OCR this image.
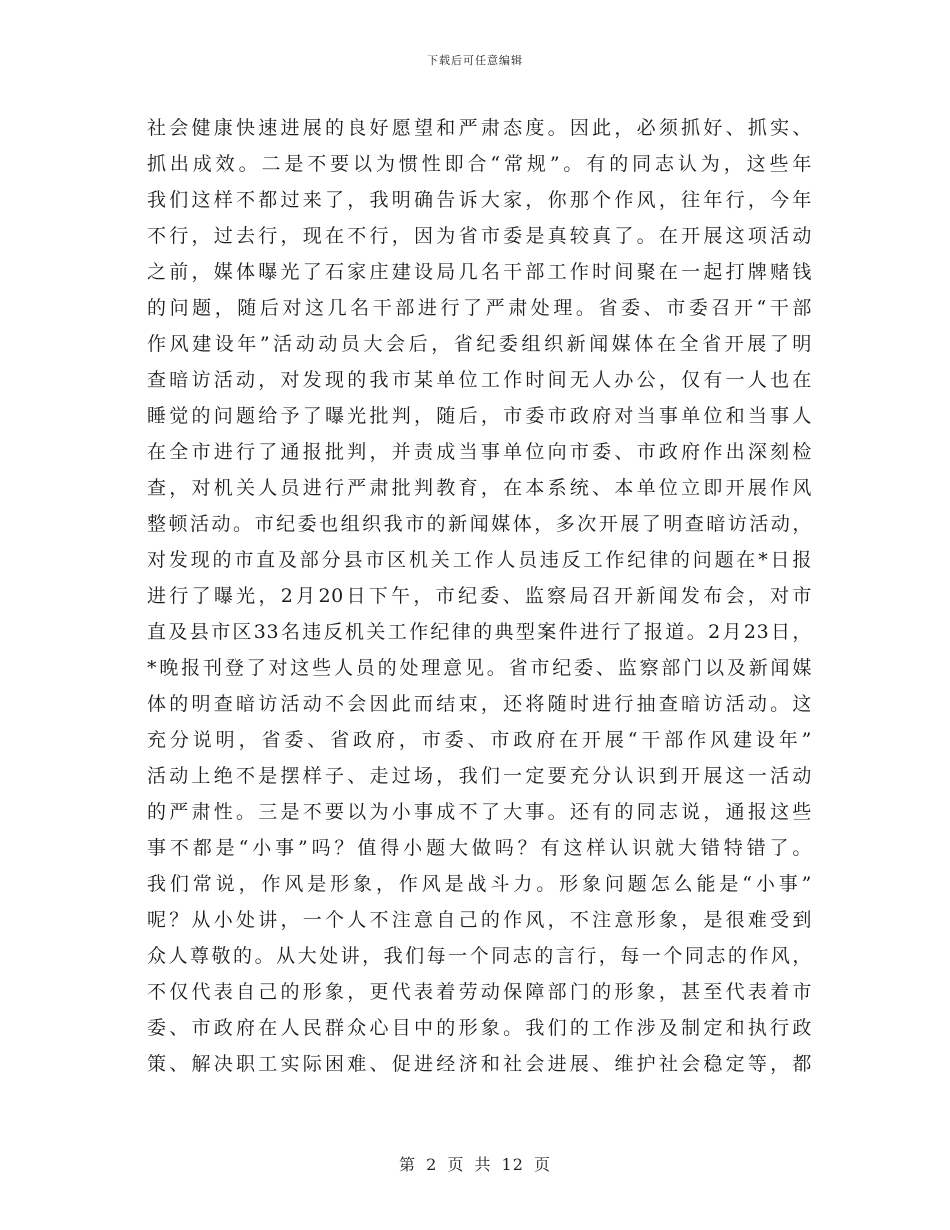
下载后可任意编辑
社会健康快速进展的良好愿望和严肃态度。因此，必须抓好、抓实、
抓出成效。二是不要以为惯性即合“常规”。有的同志认为，这些年
我们这样不都过来了，我明确告诉大家，你那个作风，往年行，今年
不行，过去行，现在不行，因为省市委是真较真了。在开展这项活动
之前，媒体曝光了石家庄建设局几名干部工作时间聚在一起打牌赌钱
的问题，随后对这几名干部进行了严肃处理。省委、市委召开“干部
作风建设年”活动动员大会后，省纪委组织新闻媒体在全省开展了明
查暗访活动，对发现的我市某单位工作时间无人办公，仅有一人也在
睡觉的问题给予了曝光批判，随后，市委市政府对当事单位和当事人
在全市进行了通报批判，并责成当事单位向市委、市政府作出深刻检
查，对机关人员进行严肃批判教育，在本系统、本单位立即开展作风
整顿活动。市纪委也组织我市的新闻媒体，多次开展了明查暗访活动，
对发现的市直及部分县市区机关工作人员违反工作纪律的问题在*日报
进行了曝光，2月20日下午，市纪委、监察局召开新闻发布会，对市
直及县市区33名违反机关工作纪律的典型案件进行了报道。2月23日，
*晚报刊登了对这些人员的处理意见。省市纪委、监察部门以及新闻媒
体的明查暗访活动不会因此而结束，还将随时进行抽查暗访活动。这
充分说明，省委、省政府，市委、市政府在开展“干部作风建设年”
活动上绝不是摆样子、走过场，我们一定要充分认识到开展这一活动
的严肃性。三是不要以为小事成不了大事。还有的同志说，通报这些
事不都是“小事”吗？值得小题大做吗？有这样认识就大错特错了。
我们常说，作风是形象，作风是战斗力。形象问题怎么能是“小事”
呢？从小处讲，一个人不注意自己的作风，不注意形象，是很难受到
众人尊敬的。从大处讲，我们每一个同志的言行，每一个同志的作风，
不仅代表自己的形象，更代表着劳动保障部门的形象，甚至代表着市
委、市政府在人民群众心目中的形象。我们的工作涉及制定和执行政
策、解决职工实际困难、促进经济和社会进展、维护社会稳定等，都
第 2 页 共 12 页
